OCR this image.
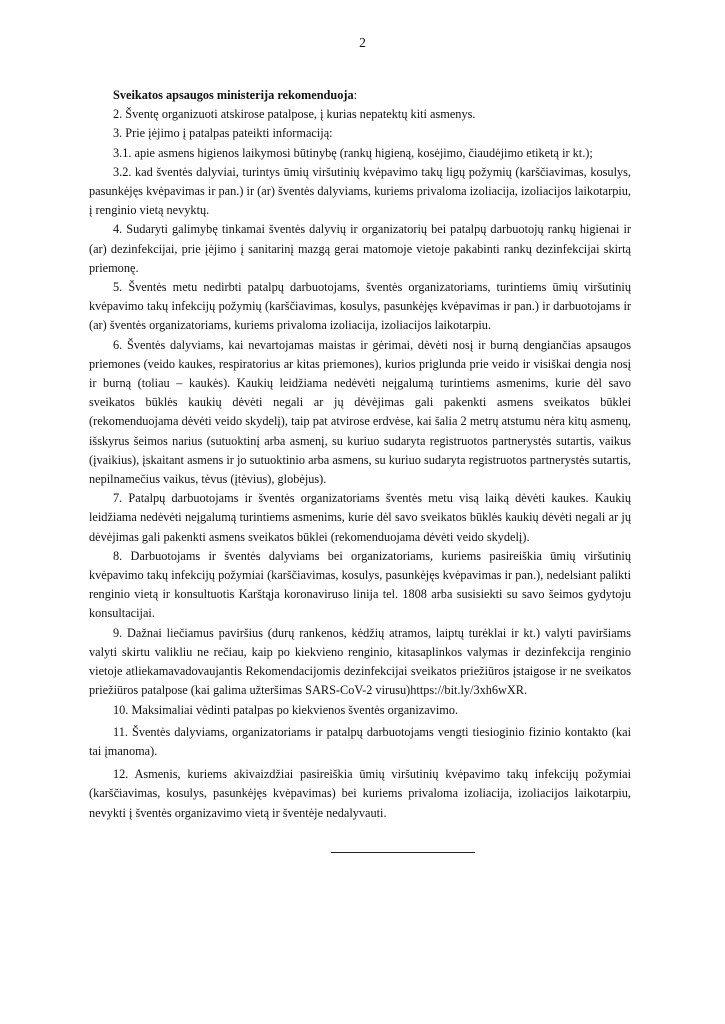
2

Sveikatos apsaugos ministerija rekomenduoja:

2. Šventę organizuoti atskirose patalpose, į kurias nepatektų kiti asmenys.

3. Prie įėjimo į patalpas pateikti informaciją:

3.1. apie asmens higienos laikymosi būtinybę (rankų higieną, kosėjimo, čiaudėjimo etiketą ir kt.);

3.2. kad šventės dalyviai, turintys ūmių viršutinių kvėpavimo takų ligų požymių (karščiavimas, kosulys, pasunkėjęs kvėpavimas ir pan.) ir (ar) šventės dalyviams, kuriems privaloma izoliacija, izoliacijos laikotarpiu, į renginio vietą nevyktų.

4. Sudaryti galimybę tinkamai šventės dalyvių ir organizatorių bei patalpų darbuotojų rankų higienai ir (ar) dezinfekcijai, prie įėjimo į sanitarinį mazgą gerai matomoje vietoje pakabinti rankų dezinfekcijai skirtą priemonę.

5. Šventės metu nedirbti patalpų darbuotojams, šventės organizatoriams, turintiems ūmių viršutinių kvėpavimo takų infekcijų požymių (karščiavimas, kosulys, pasunkėjęs kvėpavimas ir pan.) ir darbuotojams ir (ar) šventės organizatoriams, kuriems privaloma izoliacija, izoliacijos laikotarpiu.

6. Šventės dalyviams, kai nevartojamas maistas ir gėrimai, dėvėti nosį ir burną dengiančias apsaugos priemones (veido kaukes, respiratorius ar kitas priemones), kurios priglunda prie veido ir visiškai dengia nosį ir burną (toliau – kaukės). Kaukių leidžiama nedėvėti neįgalumą turintiems asmenims, kurie dėl savo sveikatos būklės kaukių dėvėti negali ar jų dėvėjimas gali pakenkti asmens sveikatos būklei (rekomenduojama dėvėti veido skydelį), taip pat atvirose erdvėse, kai šalia 2 metrų atstumu nėra kitų asmenų, išskyrus šeimos narius (sutuoktinį arba asmenį, su kuriuo sudaryta registruotos partnerystės sutartis, vaikus (įvaikius), įskaitant asmens ir jo sutuoktinio arba asmens, su kuriuo sudaryta registruotos partnerystės sutartis, nepilnamečius vaikus, tėvus (įtėvius), globėjus).

7. Patalpų darbuotojams ir šventės organizatoriams šventės metu visą laiką dėvėti kaukes. Kaukių leidžiama nedėvėti neįgalumą turintiems asmenims, kurie dėl savo sveikatos būklės kaukių dėvėti negali ar jų dėvėjimas gali pakenkti asmens sveikatos būklei (rekomenduojama dėvėti veido skydelį).

8. Darbuotojams ir šventės dalyviams bei organizatoriams, kuriems pasireiškia ūmių viršutinių kvėpavimo takų infekcijų požymiai (karščiavimas, kosulys, pasunkėjęs kvėpavimas ir pan.), nedelsiant palikti renginio vietą ir konsultuotis Karštąja koronaviruso linija tel. 1808 arba susisiekti su savo šeimos gydytoju konsultacijai.

9. Dažnai liečiamus paviršius (durų rankenos, kėdžių atramos, laiptų turėklai ir kt.) valyti paviršiams valyti skirtu valikliu ne rečiau, kaip po kiekvieno renginio, kitasaplinkos valymas ir dezinfekcija renginio vietoje atliekamavadovaujantis Rekomendacijomis dezinfekcijai sveikatos priežiūros įstaigose ir ne sveikatos priežiūros patalpose (kai galima užteršimas SARS-CoV-2 virusu)https://bit.ly/3xh6wXR.

10. Maksimaliai vėdinti patalpas po kiekvienos šventės organizavimo.

11. Šventės dalyviams, organizatoriams ir patalpų darbuotojams vengti tiesioginio fizinio kontakto (kai tai įmanoma).

12. Asmenis, kuriems akivaizdžiai pasireiškia ūmių viršutinių kvėpavimo takų infekcijų požymiai (karščiavimas, kosulys, pasunkėjęs kvėpavimas) bei kuriems privaloma izoliacija, izoliacijos laikotarpiu, nevykti į šventės organizavimo vietą ir šventėje nedalyvauti.
